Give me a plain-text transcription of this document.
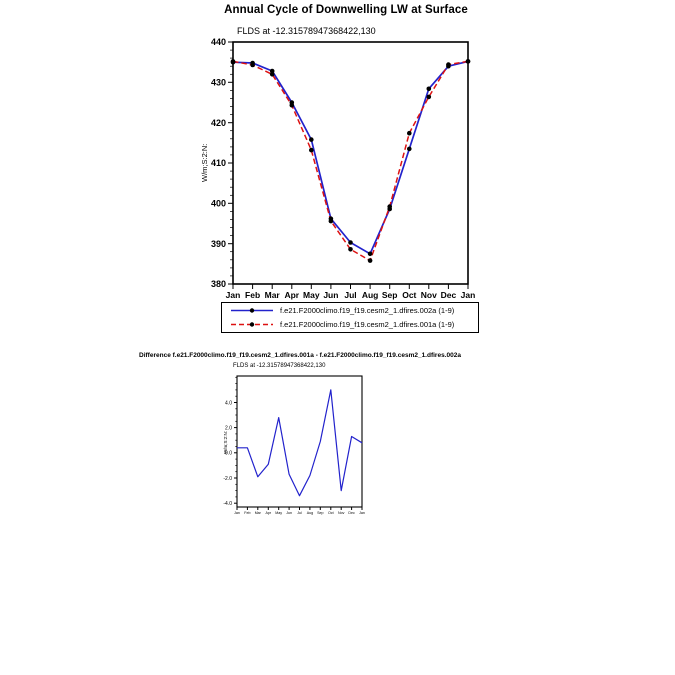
380
390
400
410
420
430
440
Jan Feb Mar Apr May Jun Jul Aug Sep Oct Nov Dec Jan
-4.0
-2.0
0.0
2.0
4.0
Jan Feb Mar Apr May Jun Jul Aug Sep Oct Nov Dec Jan
Annual Cycle of Downwelling LW at Surface
FLDS at -12.31578947368422,130
W/m;S:2:N:
f.e21.F2000climo.f19_f19.cesm2_1.dfires.002a (1-9)
f.e21.F2000climo.f19_f19.cesm2_1.dfires.001a (1-9)
Difference f.e21.F2000climo.f19_f19.cesm2_1.dfires.001a - f.e21.F2000climo.f19_f19.cesm2_1.dfires.002a
FLDS at -12.31578947368422,130
W/m;S:2:N:
